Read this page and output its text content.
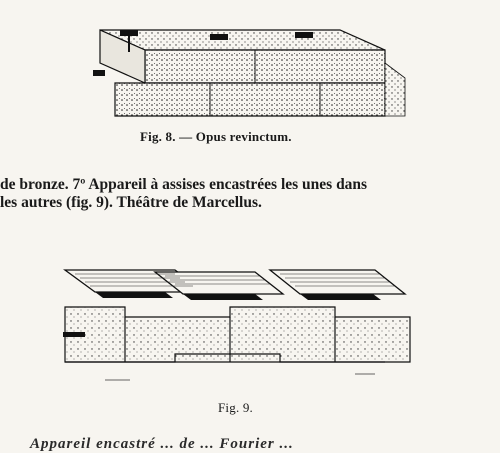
Fig. 8. — Opus revinctum.
de bronze. 7º Appareil à assises encastrées les unes dans
les autres (fig. 9). Théâtre de Marcellus.
Fig. 9.
Appareil encastré ... de ... Fourier ...
